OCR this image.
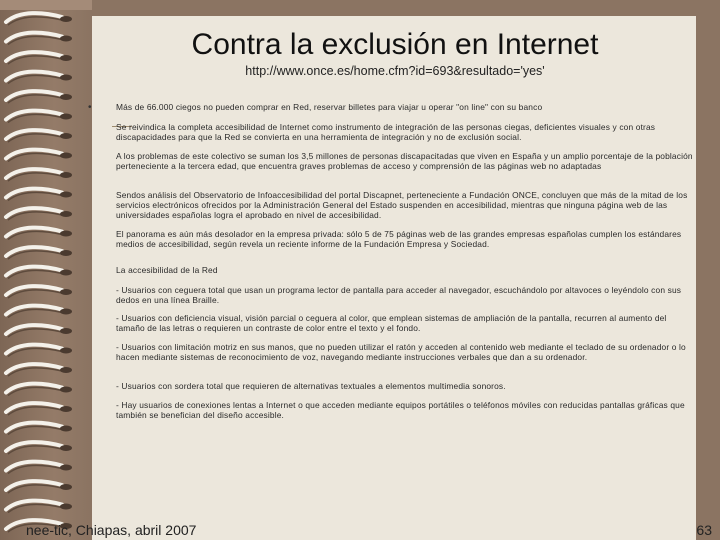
Contra la exclusión en Internet
http://www.once.es/home.cfm?id=693&resultado='yes'
•	Más de 66.000 ciegos no pueden comprar en Red, reservar billetes para viajar u operar "on line" con su banco
Se reivindica la completa accesibilidad de Internet como instrumento de integración de las personas ciegas, deficientes visuales y con otras discapacidades para que la Red se convierta en una herramienta de integración y no de exclusión social.
A los problemas de este colectivo se suman los 3,5 millones de personas discapacitadas que viven en España y un amplio porcentaje de la población perteneciente a la tercera edad, que encuentra graves problemas de acceso y comprensión de las páginas web no adaptadas
Sendos análisis del Observatorio de Infoaccesibilidad del portal Discapnet, perteneciente a Fundación ONCE, concluyen que más de la mitad de los servicios electrónicos ofrecidos por la Administración General del Estado suspenden en accesibilidad, mientras que ninguna página web de las universidades españolas logra el aprobado en nivel de accesibilidad.
El panorama es aún más desolador en la empresa privada: sólo 5 de 75 páginas web de las grandes empresas españolas cumplen los estándares medios de accesibilidad, según revela un reciente informe de la Fundación Empresa y Sociedad.
La accesibilidad de la Red
- Usuarios con ceguera total que usan un programa lector de pantalla para acceder al navegador, escuchándolo por altavoces o leyéndolo con sus dedos en una línea Braille.
- Usuarios con deficiencia visual, visión parcial o ceguera al color, que emplean sistemas de ampliación de la pantalla, recurren al aumento del tamaño de las letras o requieren un contraste de color entre el texto y el fondo.
- Usuarios con limitación motriz en sus manos, que no pueden utilizar el ratón y acceden al contenido web mediante el teclado de su ordenador o lo hacen mediante sistemas de reconocimiento de voz, navegando mediante instrucciones verbales que dan a su ordenador.
- Usuarios con sordera total que requieren de alternativas textuales a elementos multimedia sonoros.
- Hay usuarios de conexiones lentas a Internet o que acceden mediante equipos portátiles o teléfonos móviles con reducidas pantallas gráficas que también se benefician del diseño accesible.
nee-tic, Chiapas, abril 2007	63
